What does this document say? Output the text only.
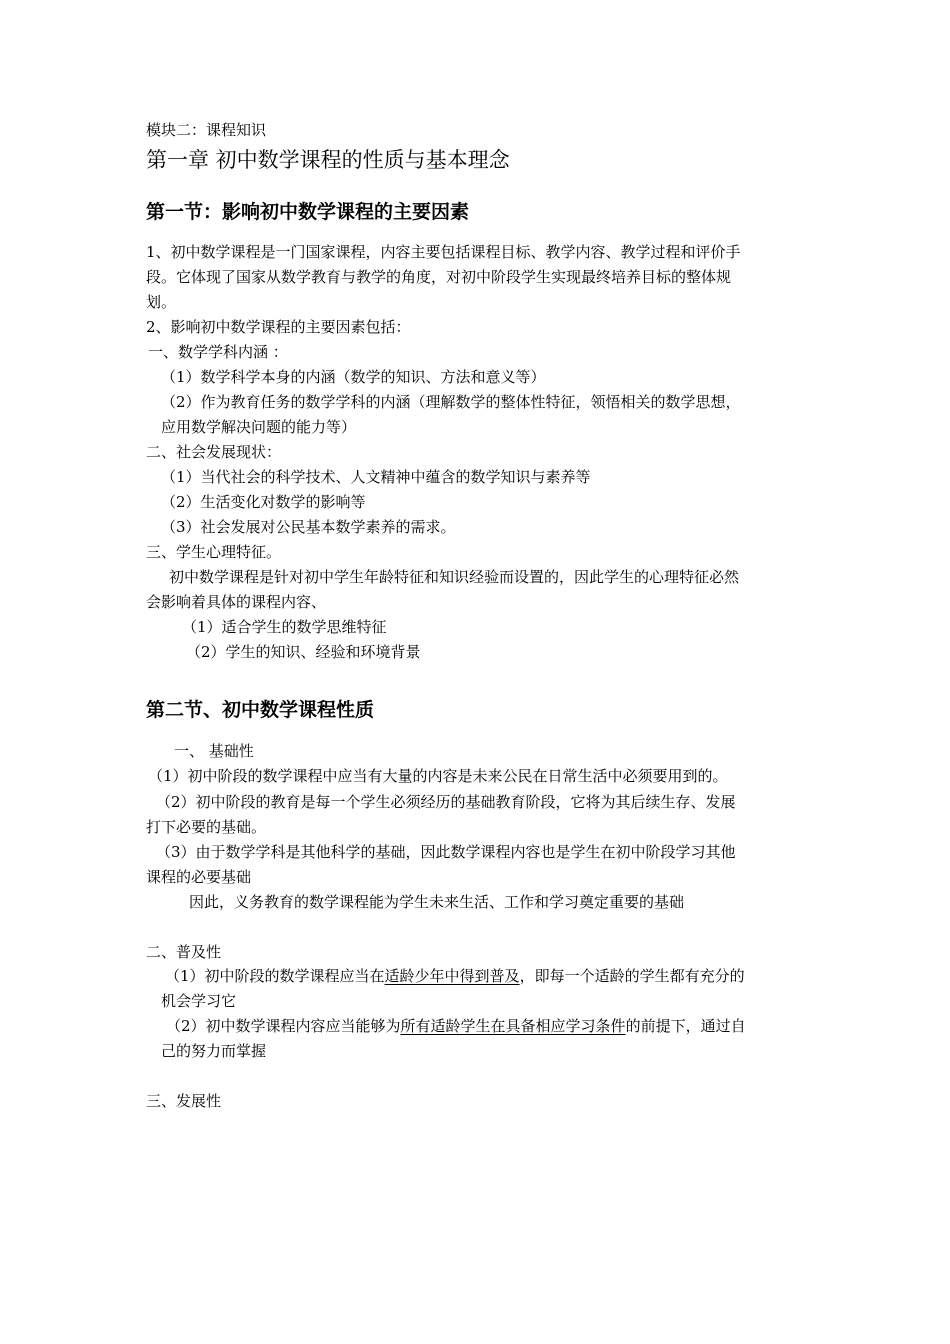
模块二：课程知识
第一章 初中数学课程的性质与基本理念
第一节：影响初中数学课程的主要因素
1、初中数学课程是一门国家课程，内容主要包括课程目标、教学内容、教学过程和评价手
段。它体现了国家从数学教育与教学的角度，对初中阶段学生实现最终培养目标的整体规
划。
2、影响初中数学课程的主要因素包括：
一、数学学科内涵 ：
（1）数学科学本身的内涵（数学的知识、方法和意义等）
（2）作为教育任务的数学学科的内涵（理解数学的整体性特征，领悟相关的数学思想，
应用数学解决问题的能力等）
二、社会发展现状：
（1）当代社会的科学技术、人文精神中蕴含的数学知识与素养等
（2）生活变化对数学的影响等
（3）社会发展对公民基本数学素养的需求。
三、学生心理特征。
初中数学课程是针对初中学生年龄特征和知识经验而设置的，因此学生的心理特征必然
会影响着具体的课程内容、
（1）适合学生的数学思维特征
（2）学生的知识、经验和环境背景
第二节、初中数学课程性质
一、 基础性
（1）初中阶段的数学课程中应当有大量的内容是未来公民在日常生活中必须要用到的。
（2）初中阶段的教育是每一个学生必须经历的基础教育阶段，它将为其后续生存、发展
打下必要的基础。
（3）由于数学学科是其他科学的基础，因此数学课程内容也是学生在初中阶段学习其他
课程的必要基础
因此，义务教育的数学课程能为学生未来生活、工作和学习奠定重要的基础
二、普及性
（1）初中阶段的数学课程应当在适龄少年中得到普及，即每一个适龄的学生都有充分的
机会学习它
（2）初中数学课程内容应当能够为所有适龄学生在具备相应学习条件的前提下，通过自
己的努力而掌握
三、发展性
